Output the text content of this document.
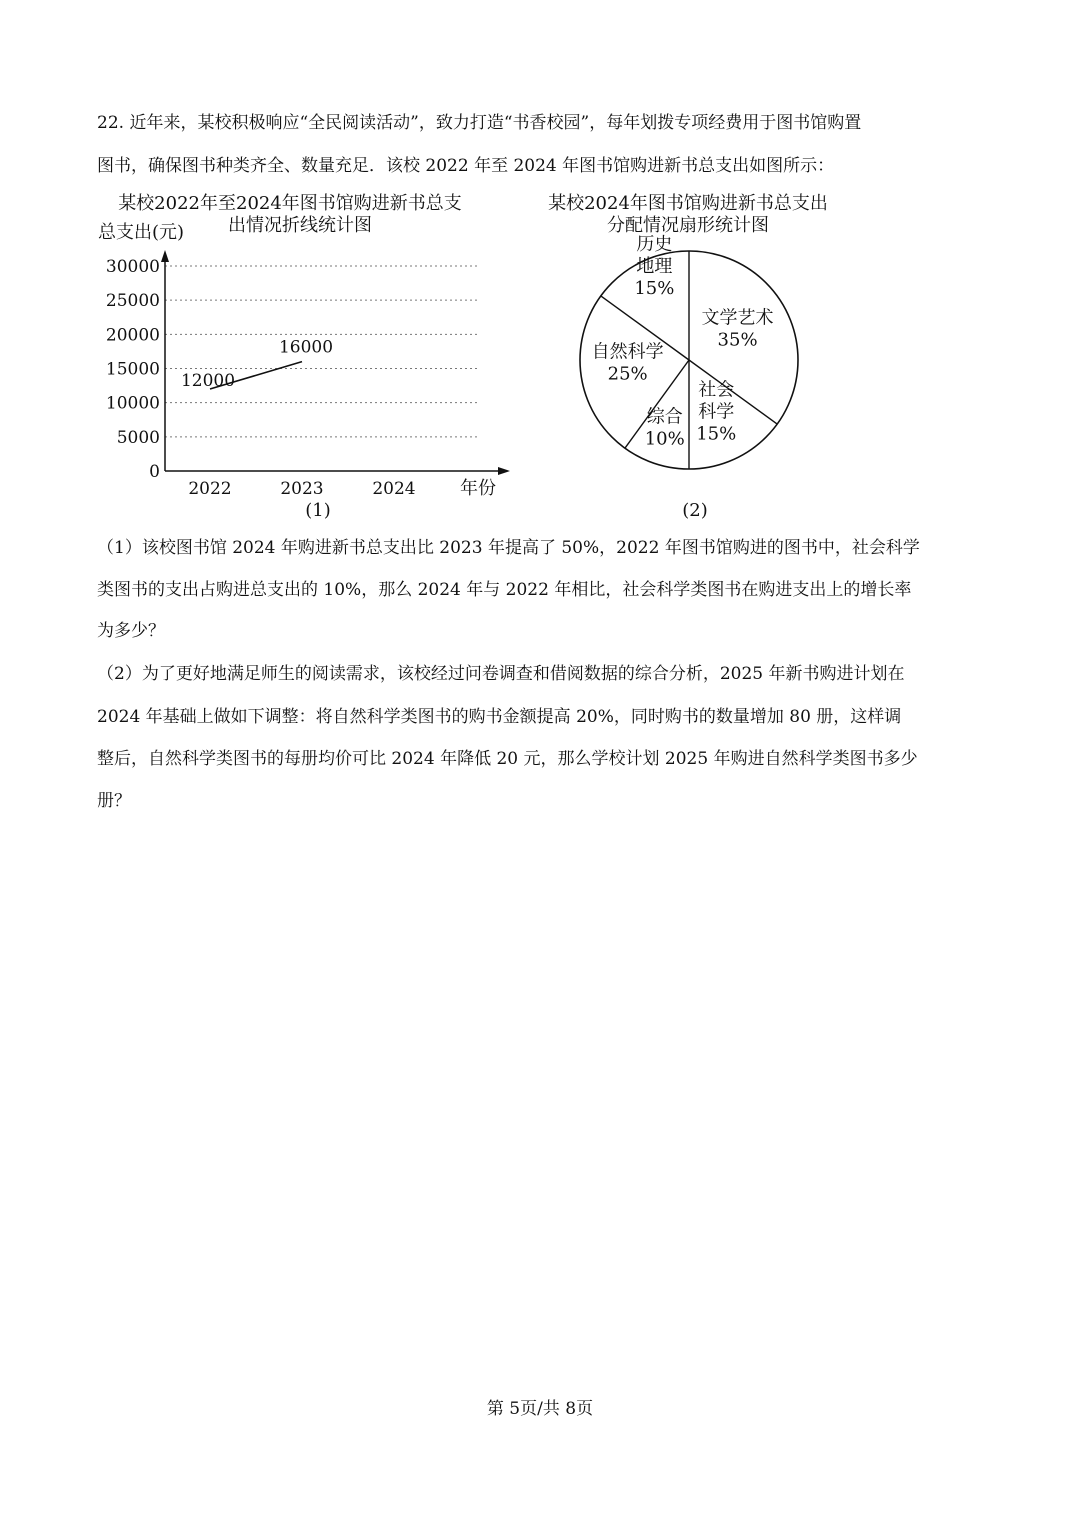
22. 近年来，某校积极响应“全民阅读活动”，致力打造“书香校园”，每年划拨专项经费用于图书馆购置

图书，确保图书种类齐全、数量充足．该校 2022 年至 2024 年图书馆购进新书总支出如图所示：

某校2022年至2024年图书馆购进新书总支
出情况折线统计图
总支出(元)
0
5000
10000
15000
20000
25000
30000
2022	2023	2024
12000
16000
年份
(1)
某校2024年图书馆购进新书总支出
分配情况扇形统计图
文学艺术
35%
社会
科学
15%
综合
10%
自然科学
25%
历史
地理
15%
(2)

（1）该校图书馆 2024 年购进新书总支出比 2023 年提高了 50%，2022 年图书馆购进的图书中，社会科学

类图书的支出占购进总支出的 10%，那么 2024 年与 2022 年相比，社会科学类图书在购进支出上的增长率

为多少？

（2）为了更好地满足师生的阅读需求，该校经过问卷调查和借阅数据的综合分析，2025 年新书购进计划在

2024 年基础上做如下调整：将自然科学类图书的购书金额提高 20%，同时购书的数量增加 80 册，这样调

整后，自然科学类图书的每册均价可比 2024 年降低 20 元，那么学校计划 2025 年购进自然科学类图书多少

册？

第 5页/共 8页
